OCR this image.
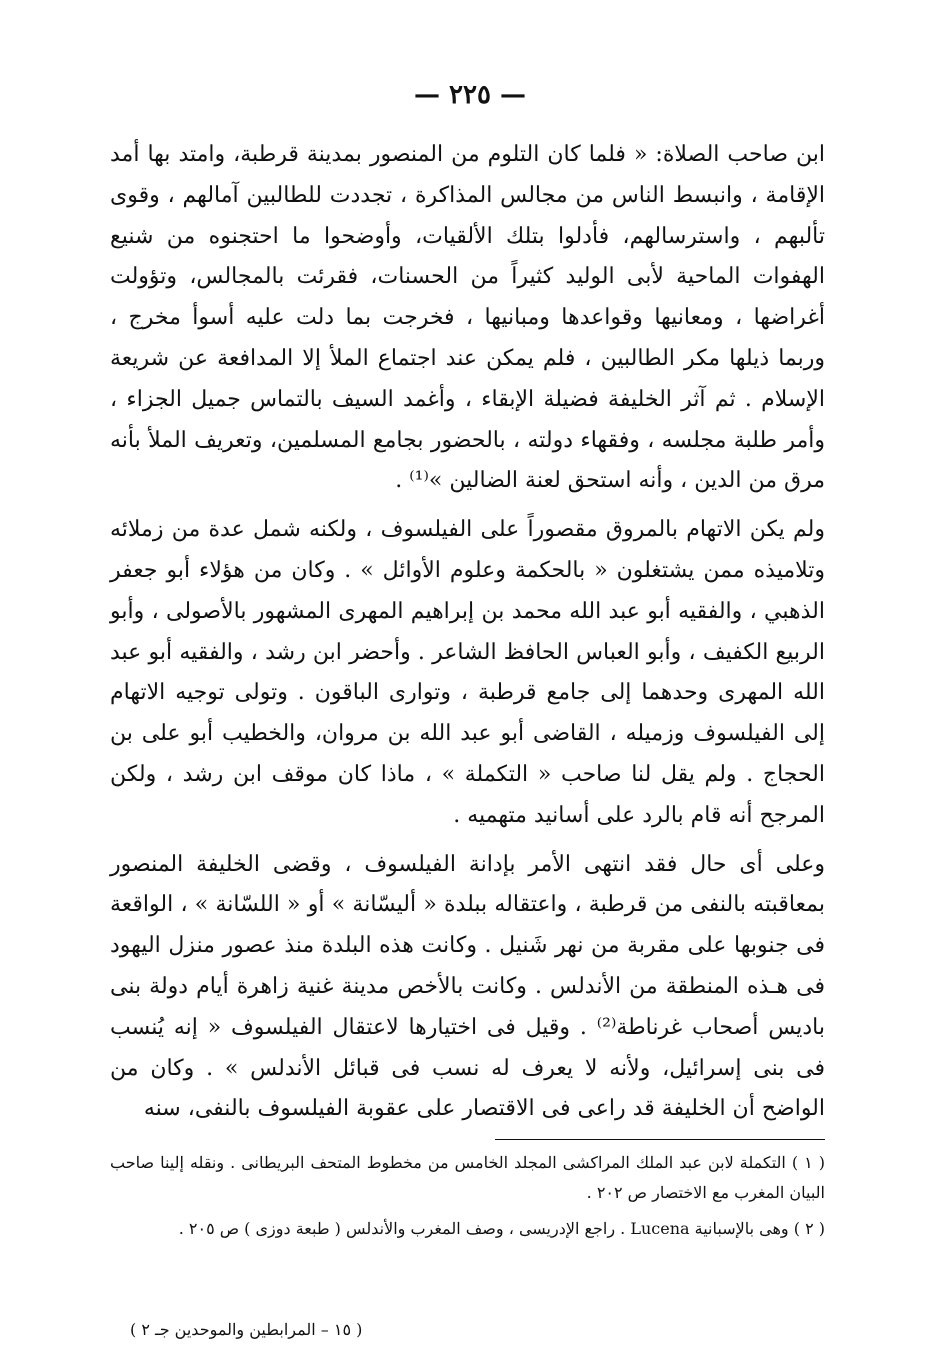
— ٢٢٥ —

ابن صاحب الصلاة: « فلما كان التلوم من المنصور بمدينة قرطبة، وامتد بها أمد الإقامة ، وانبسط الناس من مجالس المذاكرة ، تجددت للطالبين آمالهم ، وقوى تألبهم ، واسترسالهم، فأدلوا بتلك الألقيات، وأوضحوا ما احتجنوه من شنيع الهفوات الماحية لأبى الوليد كثيراً من الحسنات، فقرئت بالمجالس، وتؤولت أغراضها ، ومعانيها وقواعدها ومبانيها ، فخرجت بما دلت عليه أسوأ مخرج ، وربما ذيلها مكر الطالبين ، فلم يمكن عند اجتماع الملأ إلا المدافعة عن شريعة الإسلام . ثم آثر الخليفة فضيلة الإبقاء ، وأغمد السيف بالتماس جميل الجزاء ، وأمر طلبة مجلسه ، وفقهاء دولته ، بالحضور بجامع المسلمين، وتعريف الملأ بأنه مرق من الدين ، وأنه استحق لعنة الضالين »⁽¹⁾ .

ولم يكن الاتهام بالمروق مقصوراً على الفيلسوف ، ولكنه شمل عدة من زملائه وتلاميذه ممن يشتغلون « بالحكمة وعلوم الأوائل » . وكان من هؤلاء أبو جعفر الذهبي ، والفقيه أبو عبد الله محمد بن إبراهيم المهرى المشهور بالأصولى ، وأبو الربيع الكفيف ، وأبو العباس الحافظ الشاعر . وأحضر ابن رشد ، والفقيه أبو عبد الله المهرى وحدهما إلى جامع قرطبة ، وتوارى الباقون . وتولى توجيه الاتهام إلى الفيلسوف وزميله ، القاضى أبو عبد الله بن مروان، والخطيب أبو على بن الحجاج . ولم يقل لنا صاحب « التكملة » ، ماذا كان موقف ابن رشد ، ولكن المرجح أنه قام بالرد على أسانيد متهميه .

وعلى أى حال فقد انتهى الأمر بإدانة الفيلسوف ، وقضى الخليفة المنصور بمعاقبته بالنفى من قرطبة ، واعتقاله ببلدة « أليسّانة » أو « اللسّانة » ، الواقعة فى جنوبها على مقربة من نهر شَنيل . وكانت هذه البلدة منذ عصور منزل اليهود فى هـذه المنطقة من الأندلس . وكانت بالأخص مدينة غنية زاهرة أيام دولة بنى باديس أصحاب غرناطة⁽²⁾ . وقيل فى اختيارها لاعتقال الفيلسوف « إنه يُنسب فى بنى إسرائيل، ولأنه لا يعرف له نسب فى قبائل الأندلس » . وكان من الواضح أن الخليفة قد راعى فى الاقتصار على عقوبة الفيلسوف بالنفى، سنه

( ١ ) التكملة لابن عبد الملك المراكشى المجلد الخامس من مخطوط المتحف البريطانى . ونقله إلينا صاحب البيان المغرب مع الاختصار ص ٢٠٢ .

( ٢ ) وهى بالإسبانية Lucena . راجع الإدريسى ، وصف المغرب والأندلس ( طبعة دوزى ) ص ٢٠٥ .

( ١٥ – المرابطين والموحدين جـ ٢ )
